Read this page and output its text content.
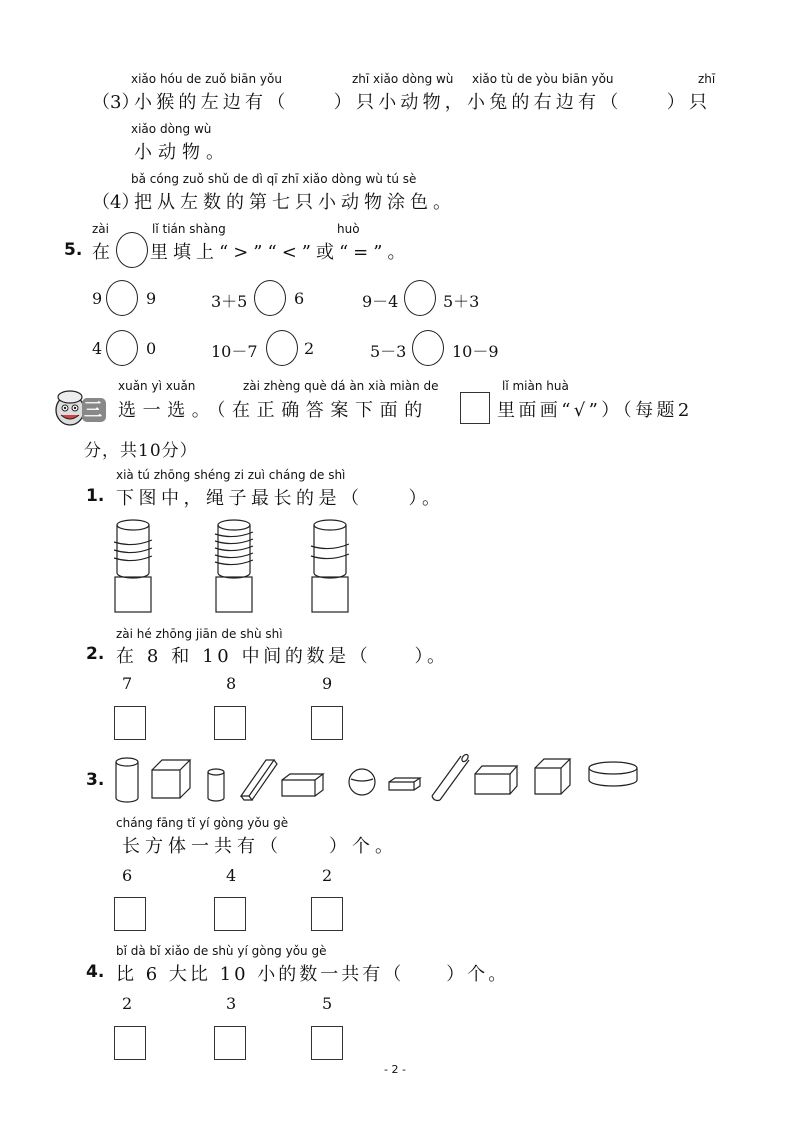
xiǎo hóu de zuǒ biān yǒu	zhī xiǎo dòng wù xiǎo tù de yòu biān yǒu	zhī
（3）
小猴的左边有（　　）只小动物，小兔的右边有（　　）只
xiǎo dòng wù
小动物。
bǎ cóng zuǒ shǔ de dì qī zhī xiǎo dòng wù tú sè
（4）
把从左数的第七只小动物涂色。
zài	lǐ tián shàng	huò
5. 在 里填上“>”“<”或“=”。
9	9	3＋5	6	9－4	5＋3
4	0	10－7	2	5－3	10－9
xuǎn yì xuǎn	zài zhèng què dá àn xià miàn de	lǐ miàn huà
三 选一选。（在正确答案下面的	里面画“√”）（每题2
分，共10分）
xià tú zhōng shéng zi zuì cháng de shì
1. 下图中，绳子最长的是（　　）。
zài hé zhōng jiān de shù shì
2. 在 8 和 10 中间的数是（　　）。
7	8	9
3.
cháng fāng tǐ yí gòng yǒu gè
长方体一共有（　　）个。
6	4	2
bǐ dà bǐ xiǎo de shù yí gòng yǒu gè
4. 比 6 大比 10 小的数一共有（　　）个。
2	3	5
- 2 -
